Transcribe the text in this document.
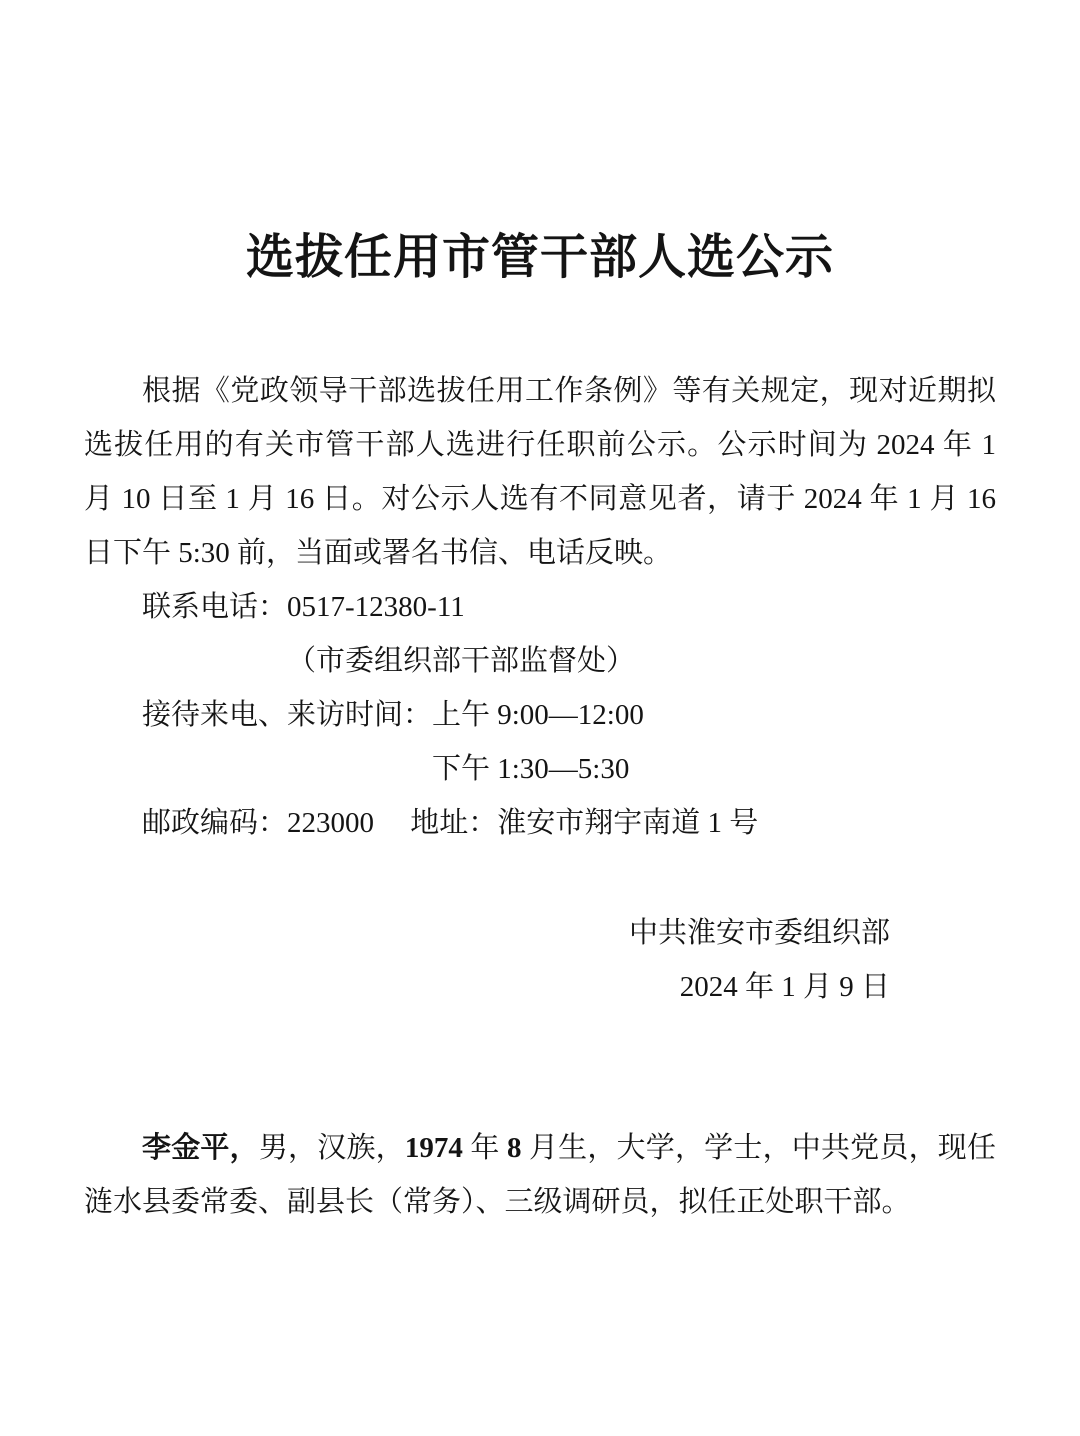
选拔任用市管干部人选公示

根据《党政领导干部选拔任用工作条例》等有关规定，现对近期拟选拔任用的有关市管干部人选进行任职前公示。公示时间为 2024 年 1 月 10 日至 1 月 16 日。对公示人选有不同意见者，请于 2024 年 1 月 16 日下午 5:30 前，当面或署名书信、电话反映。

联系电话：0517-12380-11
（市委组织部干部监督处）
接待来电、来访时间：上午 9:00—12:00
下午 1:30—5:30
邮政编码：223000　 地址：淮安市翔宇南道 1 号
中共淮安市委组织部
2024 年 1 月 9 日

李金平，男，汉族，1974 年 8 月生，大学，学士，中共党员，现任涟水县委常委、副县长（常务）、三级调研员，拟任正处职干部。
